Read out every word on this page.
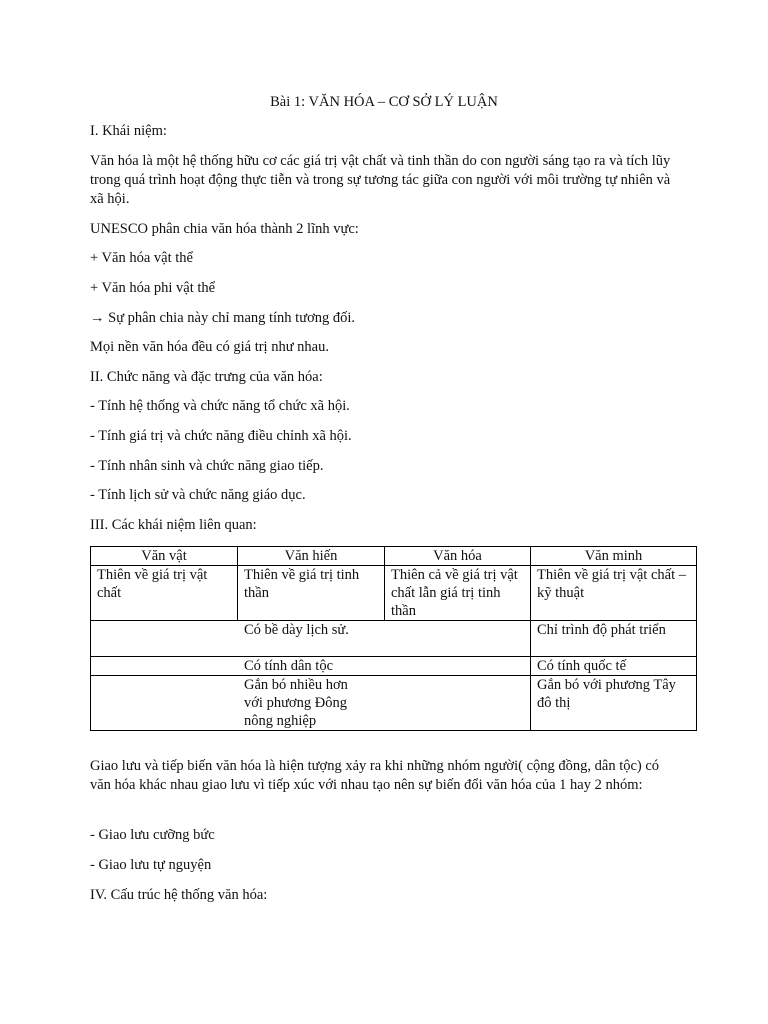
Bài 1: VĂN HÓA – CƠ SỞ LÝ LUẬN
I. Khái niệm:
Văn hóa là một hệ thống hữu cơ các giá trị vật chất và tinh thần do con người sáng tạo ra và tích lũy trong quá trình hoạt động thực tiễn và trong sự tương tác giữa con người với môi trường tự nhiên và xã hội.
UNESCO phân chia văn hóa thành 2 lĩnh vực:
+ Văn hóa vật thể
+ Văn hóa phi vật thể
→ Sự phân chia này chỉ mang tính tương đối.
Mọi nền văn hóa đều có giá trị như nhau.
II. Chức năng và đặc trưng của văn hóa:
- Tính hệ thống và chức năng tổ chức xã hội.
- Tính giá trị và chức năng điều chỉnh xã hội.
- Tính nhân sinh và chức năng giao tiếp.
- Tính lịch sử và chức năng giáo dục.
III. Các khái niệm liên quan:
Văn vật	Văn hiến	Văn hóa	Văn minh
Thiên về giá trị vật chất	Thiên về giá trị tinh thần	Thiên cả về giá trị vật chất lẫn giá trị tinh thần	Thiên về giá trị vật chất – kỹ thuật
Có bề dày lịch sử.			Chỉ trình độ phát triển
Có tính dân tộc			Có tính quốc tế
Gắn bó nhiều hơn với phương Đông nông nghiệp			Gắn bó với phương Tây đô thị
Giao lưu và tiếp biến văn hóa là hiện tượng xảy ra khi những nhóm người( cộng đồng, dân tộc) có văn hóa khác nhau giao lưu vì tiếp xúc với nhau tạo nên sự biến đổi văn hóa của 1 hay 2 nhóm:
- Giao lưu cưỡng bức
- Giao lưu tự nguyện
IV. Cấu trúc hệ thống văn hóa:
